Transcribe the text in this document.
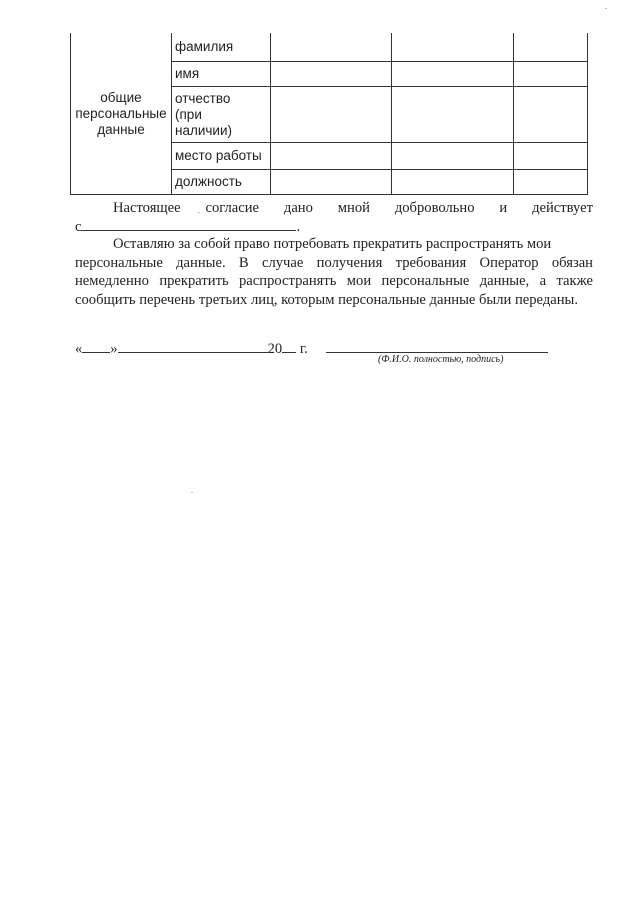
общие
персональные
данные	фамилия			
	имя			

	отчество
(при
наличии)			

	место работы			
	должность			
Настоящее согласие дано мной добровольно и действует
с	.
Оставляю за собой право потребовать прекратить распространять мои
персональные данные. В случае получения требования Оператор обязан немедленно прекратить распространять мои персональные данные, а также сообщить перечень третьих лиц, которым персональные данные были переданы.
« »	20 г.
(Ф.И.О. полностью, подпись)
